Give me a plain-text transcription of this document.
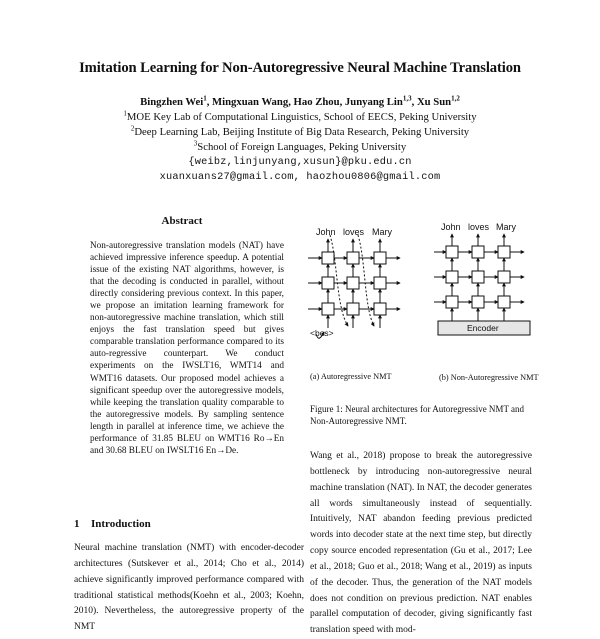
Imitation Learning for Non-Autoregressive Neural Machine Translation
Bingzhen Wei$^1$, Mingxuan Wang, Hao Zhou, Junyang Lin$^{1,3}$, Xu Sun$^{1,2}$
$^1$MOE Key Lab of Computational Linguistics, School of EECS, Peking University
$^2$Deep Learning Lab, Beijing Institute of Big Data Research, Peking University
$^3$School of Foreign Languages, Peking University
{weibz,linjunyang,xusun}@pku.edu.cn
xuanxuans27@gmail.com, haozhou0806@gmail.com
Abstract

Non-autoregressive translation models (NAT) have achieved impressive inference speedup. A potential issue of the existing NAT algorithms, however, is that the decoding is conducted in parallel, without directly considering previous context. In this paper, we propose an imitation learning framework for non-autoregressive machine translation, which still enjoys the fast translation speed but gives comparable translation performance compared to its auto-regressive counterpart. We conduct experiments on the IWSLT16, WMT14 and WMT16 datasets. Our proposed model achieves a significant speedup over the autoregressive models, while keeping the translation quality comparable to the autoregressive models. By sampling sentence length in parallel at inference time, we achieve the performance of 31.85 BLEU on WMT16 Ro→En and 30.68 BLEU on IWSLT16 En→De.

1 Introduction

Neural machine translation (NMT) with encoder-decoder architectures (Sutskever et al., 2014; Cho et al., 2014) achieve significantly improved performance compared with traditional statistical methods(Koehn et al., 2003; Koehn, 2010). Nevertheless, the autoregressive property of the NMT

John loves Mary
<bos>
John loves Mary
Encoder
(a) Autoregressive NMT	(b) Non-Autoregressive NMT
Figure 1: Neural architectures for Autoregressive NMT and Non-Autoregressive NMT.

Wang et al., 2018) propose to break the autoregressive bottleneck by introducing non-autoregressive neural machine translation (NAT). In NAT, the decoder generates all words simultaneously instead of sequentially. Intuitively, NAT abandon feeding previous predicted words into decoder state at the next time step, but directly copy source encoded representation (Gu et al., 2017; Lee et al., 2018; Guo et al., 2018; Wang et al., 2019) as inputs of the decoder. Thus, the generation of the NAT models does not condition on previous prediction. NAT enables parallel computation of decoder, giving significantly fast translation speed with mod-
